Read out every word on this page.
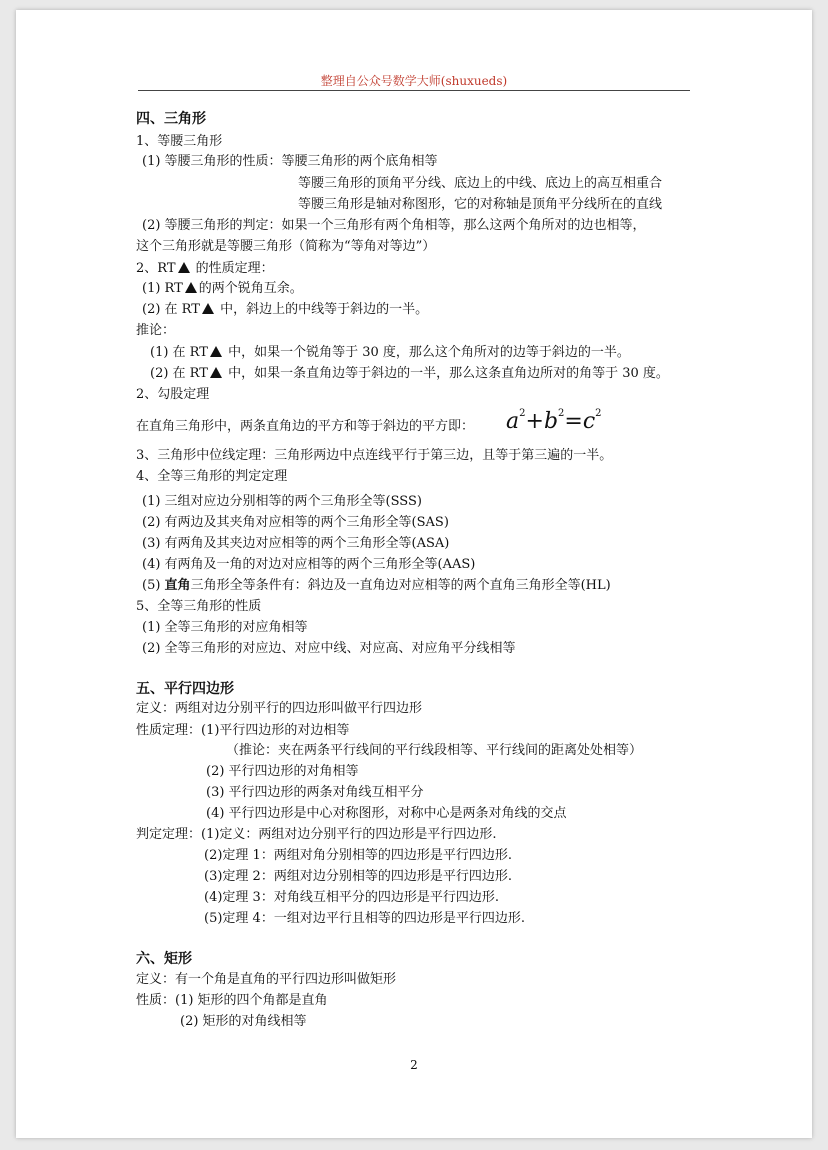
整理自公众号数学大师(shuxueds)
四、三角形
1、等腰三角形
(1) 等腰三角形的性质：等腰三角形的两个底角相等
等腰三角形的顶角平分线、底边上的中线、底边上的高互相重合
等腰三角形是轴对称图形，它的对称轴是顶角平分线所在的直线
(2) 等腰三角形的判定：如果一个三角形有两个角相等，那么这两个角所对的边也相等，
这个三角形就是等腰三角形（简称为“等角对等边”）
2、RT 的性质定理：
(1) RT 的两个锐角互余。
(2) 在 RT 中，斜边上的中线等于斜边的一半。
推论：
(1) 在 RT 中，如果一个锐角等于 30 度，那么这个角所对的边等于斜边的一半。
(2) 在 RT 中，如果一条直角边等于斜边的一半，那么这条直角边所对的角等于 30 度。
2、勾股定理
在直角三角形中，两条直角边的平方和等于斜边的平方即： $a^2+b^2=c^2$
3、三角形中位线定理：三角形两边中点连线平行于第三边，且等于第三遍的一半。
4、全等三角形的判定定理
(1) 三组对应边分别相等的两个三角形全等(SSS)
(2) 有两边及其夹角对应相等的两个三角形全等(SAS)
(3) 有两角及其夹边对应相等的两个三角形全等(ASA)
(4) 有两角及一角的对边对应相等的两个三角形全等(AAS)
(5) 直角三角形全等条件有：斜边及一直角边对应相等的两个直角三角形全等(HL)
5、全等三角形的性质
(1) 全等三角形的对应角相等
(2) 全等三角形的对应边、对应中线、对应高、对应角平分线相等
五、平行四边形
定义：两组对边分别平行的四边形叫做平行四边形
性质定理：(1)平行四边形的对边相等
（推论：夹在两条平行线间的平行线段相等、平行线间的距离处处相等）
(2) 平行四边形的对角相等
(3) 平行四边形的两条对角线互相平分
(4) 平行四边形是中心对称图形，对称中心是两条对角线的交点
判定定理：(1)定义：两组对边分别平行的四边形是平行四边形.
(2)定理 1：两组对角分别相等的四边形是平行四边形.
(3)定理 2：两组对边分别相等的四边形是平行四边形.
(4)定理 3：对角线互相平分的四边形是平行四边形.
(5)定理 4：一组对边平行且相等的四边形是平行四边形.
六、矩形
定义：有一个角是直角的平行四边形叫做矩形
性质：(1) 矩形的四个角都是直角
(2) 矩形的对角线相等
2
